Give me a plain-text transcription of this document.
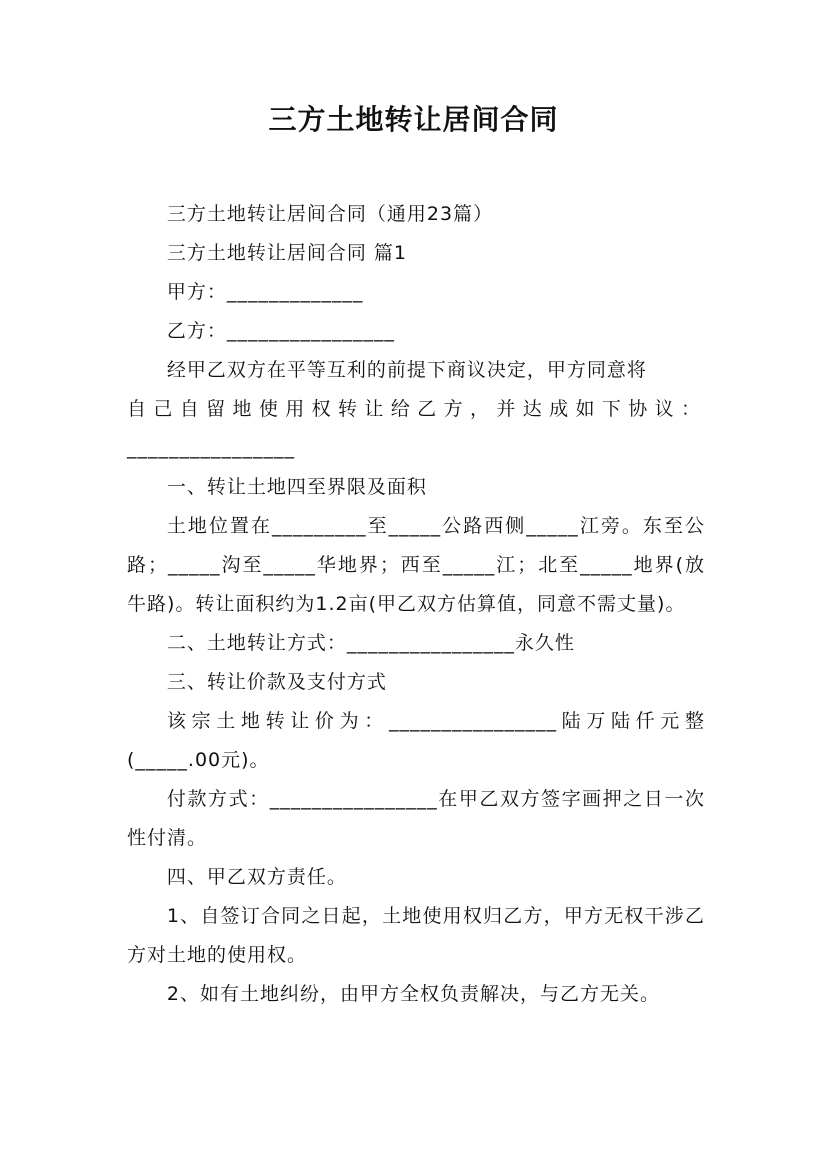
三方土地转让居间合同

三方土地转让居间合同（通用23篇）

三方土地转让居间合同 篇1

甲方：_____________

乙方：________________

经甲乙双方在平等互利的前提下商议决定，甲方同意将

自己自留地使用权转让给乙方，并达成如下协议：

________________

一、转让土地四至界限及面积

土地位置在_________至_____公路西侧_____江旁。东至公路；_____沟至_____华地界；西至_____江；北至_____地界(放牛路)。转让面积约为1.2亩(甲乙双方估算值，同意不需丈量)。

二、土地转让方式：________________永久性

三、转让价款及支付方式

该宗土地转让价为：________________陆万陆仟元整(_____.00元)。

付款方式：________________在甲乙双方签字画押之日一次性付清。

四、甲乙双方责任。

1、自签订合同之日起，土地使用权归乙方，甲方无权干涉乙方对土地的使用权。

2、如有土地纠纷，由甲方全权负责解决，与乙方无关。
